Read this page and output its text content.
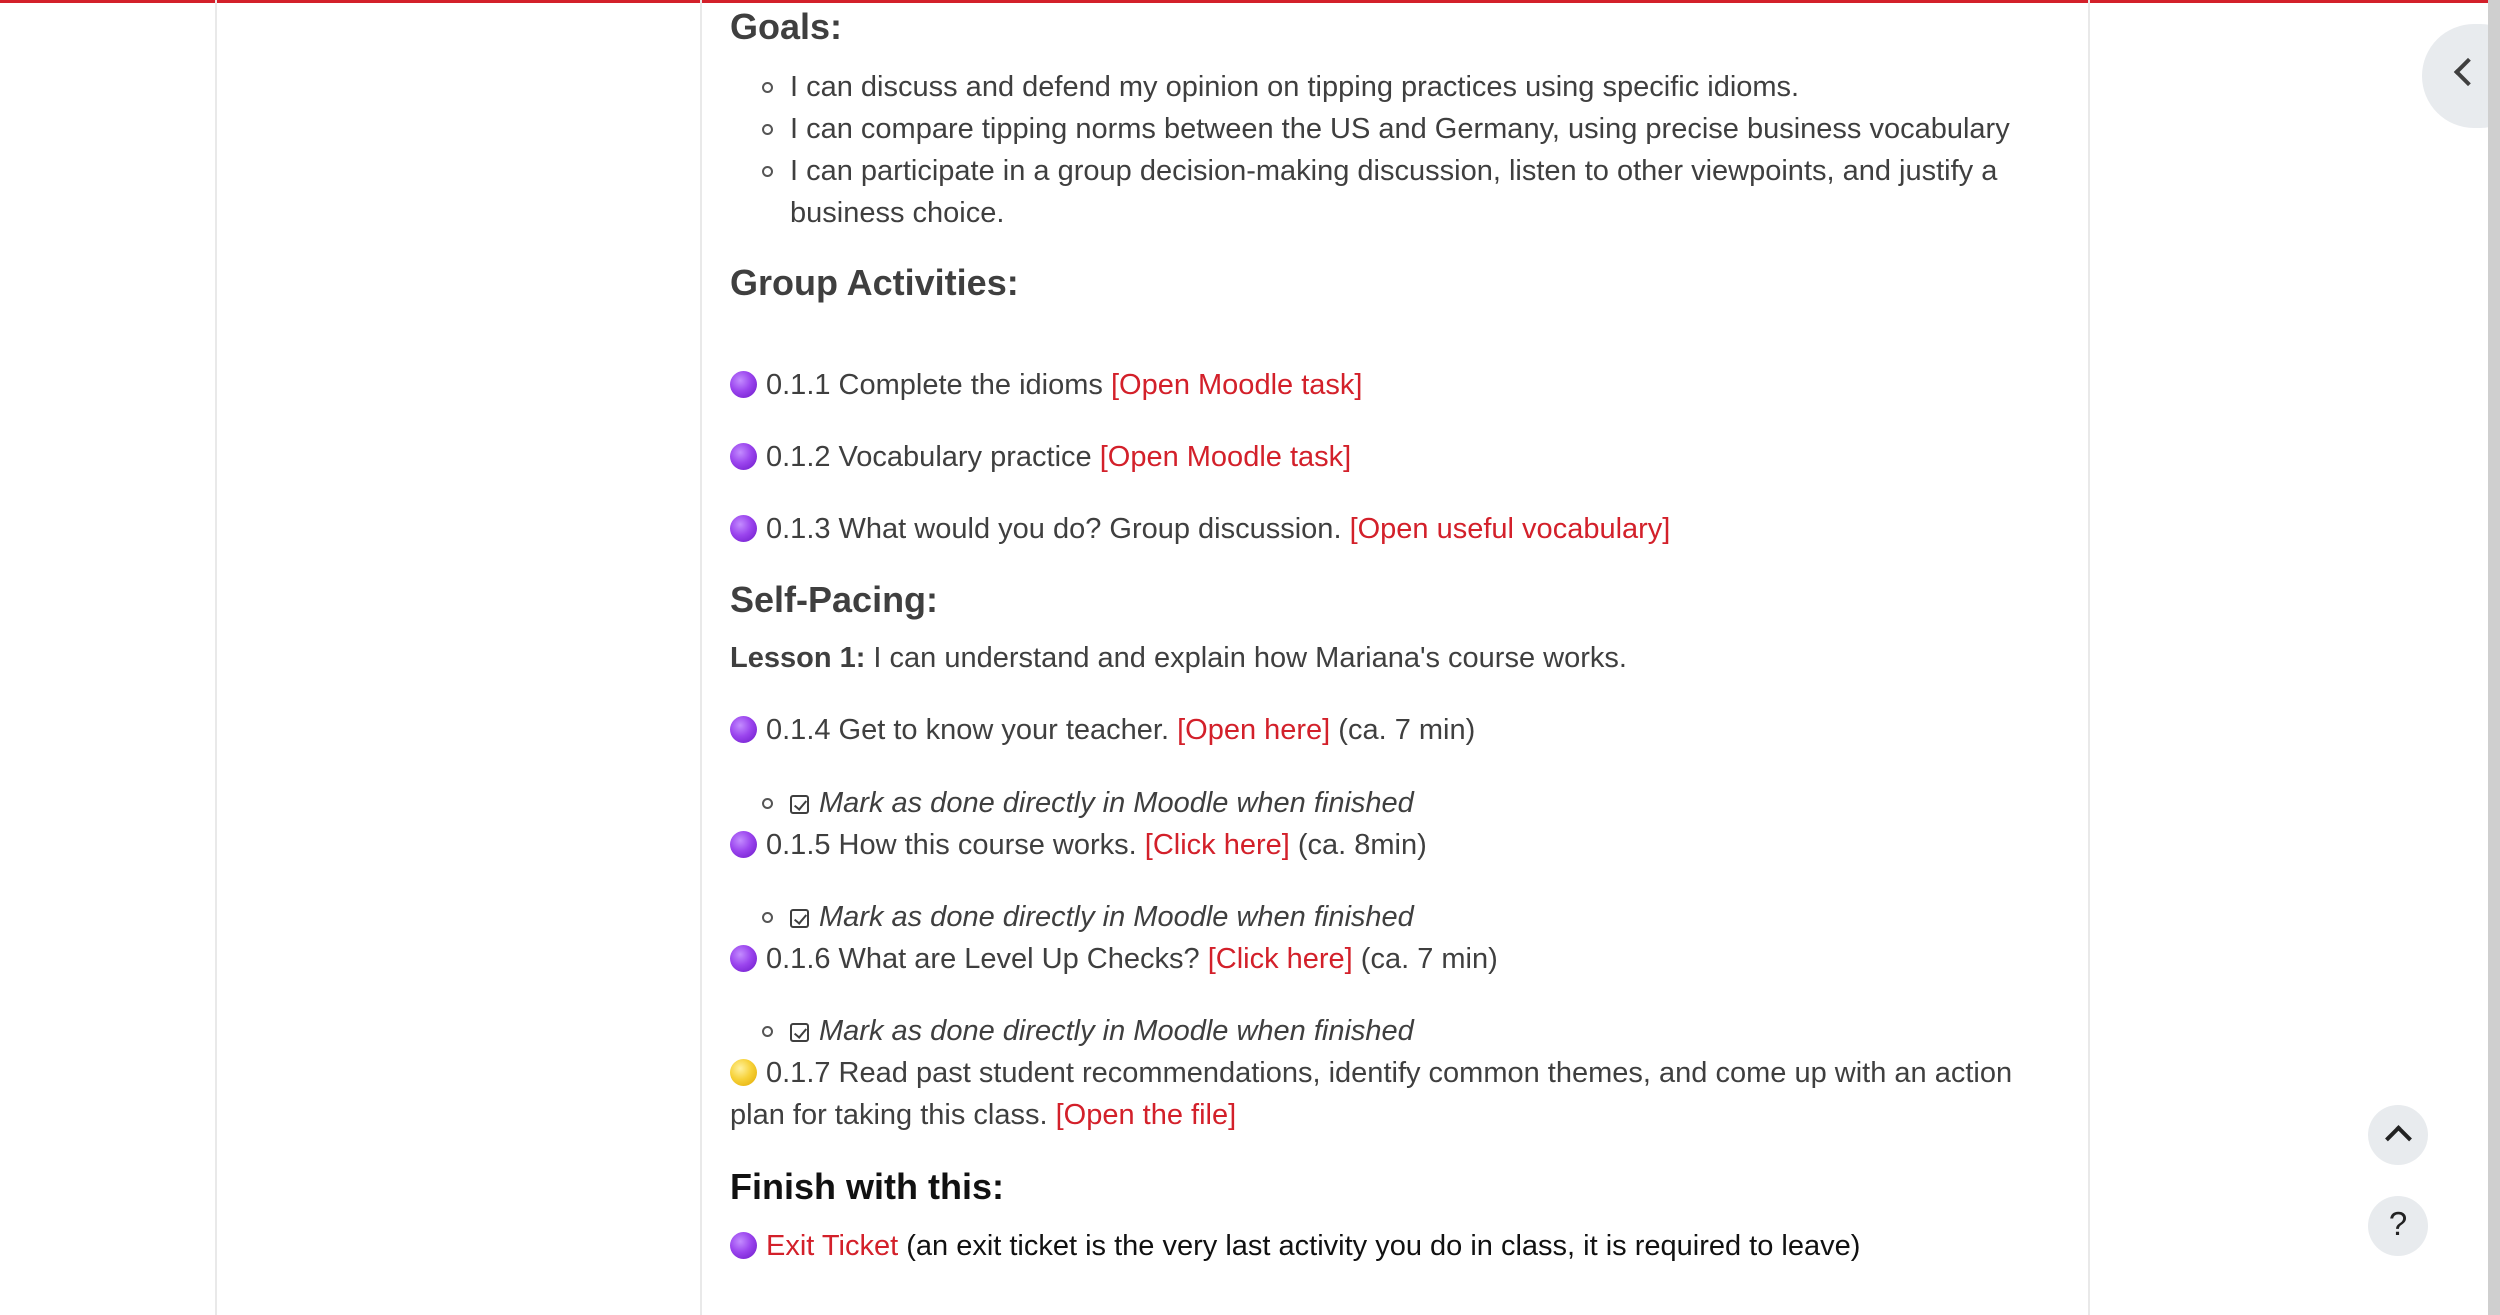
Goals:
I can discuss and defend my opinion on tipping practices using specific idioms.
I can compare tipping norms between the US and Germany, using precise business vocabulary
I can participate in a group decision-making discussion, listen to other viewpoints, and justify a business choice.
Group Activities:
0.1.1 Complete the idioms [Open Moodle task]
0.1.2 Vocabulary practice [Open Moodle task]
0.1.3 What would you do? Group discussion. [Open useful vocabulary]
Self-Pacing:
Lesson 1: I can understand and explain how Mariana's course works.
0.1.4 Get to know your teacher. [Open here] (ca. 7 min)
Mark as done directly in Moodle when finished
0.1.5 How this course works. [Click here] (ca. 8min)
Mark as done directly in Moodle when finished
0.1.6 What are Level Up Checks? [Click here] (ca. 7 min)
Mark as done directly in Moodle when finished
0.1.7 Read past student recommendations, identify common themes, and come up with an action plan for taking this class. [Open the file]
Finish with this:
Exit Ticket (an exit ticket is the very last activity you do in class, it is required to leave)
?
